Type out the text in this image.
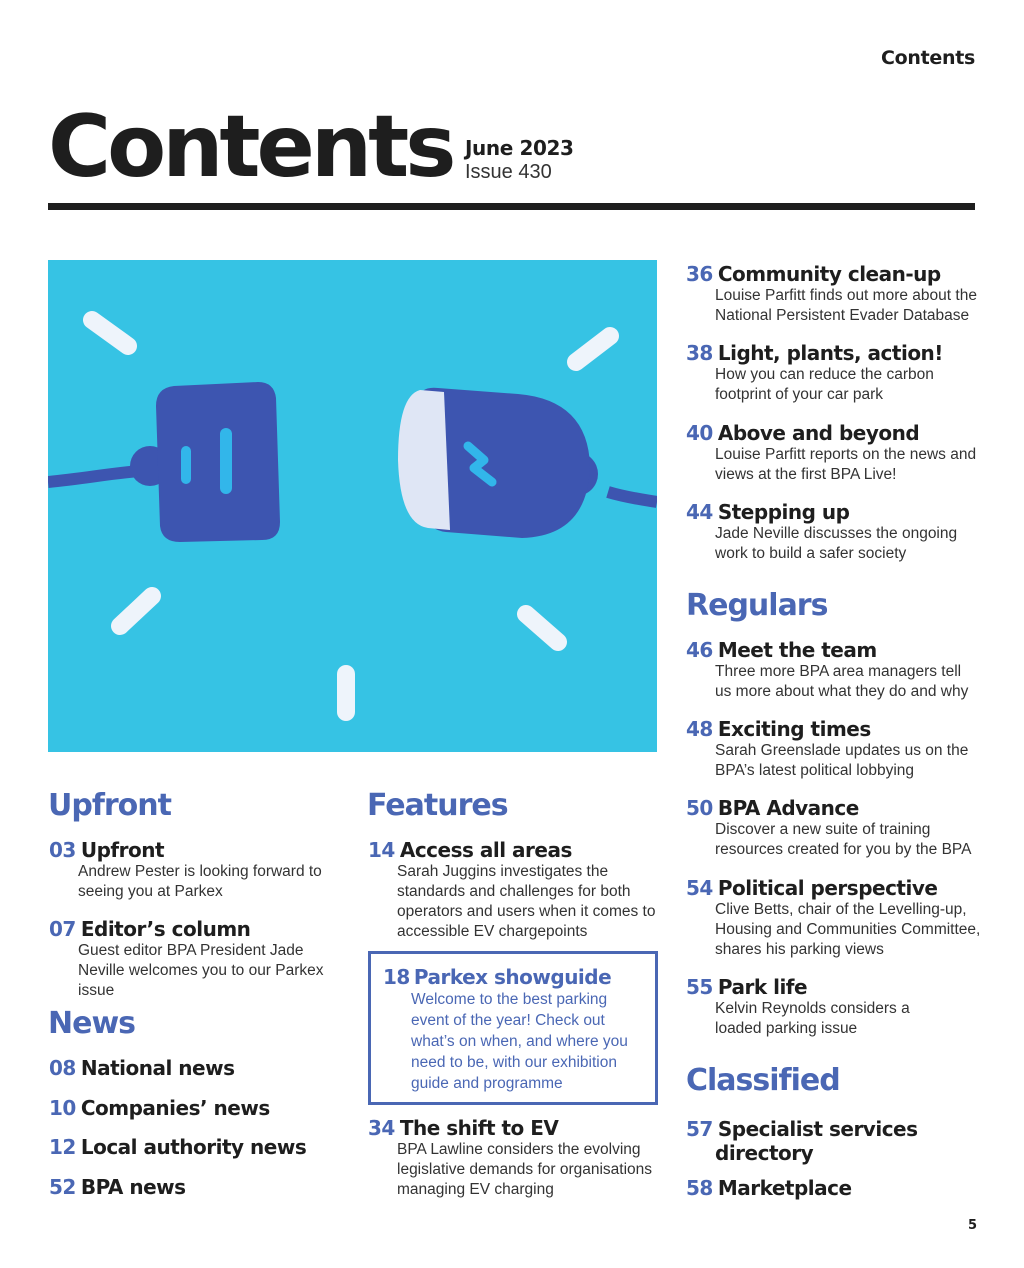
Contents
Contents June 2023
Issue 430
36 Community clean-up
Louise Parfitt finds out more about the National Persistent Evader Database
38 Light, plants, action!
How you can reduce the carbon footprint of your car park
40 Above and beyond
Louise Parfitt reports on the news and views at the first BPA Live!
44 Stepping up
Jade Neville discusses the ongoing work to build a safer society
Regulars
46 Meet the team
Three more BPA area managers tell us more about what they do and why
48 Exciting times
Sarah Greenslade updates us on the BPA’s latest political lobbying
50 BPA Advance
Discover a new suite of training resources created for you by the BPA
54 Political perspective
Clive Betts, chair of the Levelling-up, Housing and Communities Committee, shares his parking views
55 Park life
Kelvin Reynolds considers a loaded parking issue
Classified
57 Specialist services
directory
58 Marketplace
Upfront
03 Upfront
Andrew Pester is looking forward to seeing you at Parkex
07 Editor’s column
Guest editor BPA President Jade Neville welcomes you to our Parkex issue
News
08 National news
10 Companies’ news
12 Local authority news
52 BPA news
Features
14 Access all areas
Sarah Juggins investigates the standards and challenges for both operators and users when it comes to accessible EV chargepoints
18 Parkex showguide
Welcome to the best parking event of the year! Check out what’s on when, and where you need to be, with our exhibition guide and programme
34 The shift to EV
BPA Lawline considers the evolving legislative demands for organisations managing EV charging
5
